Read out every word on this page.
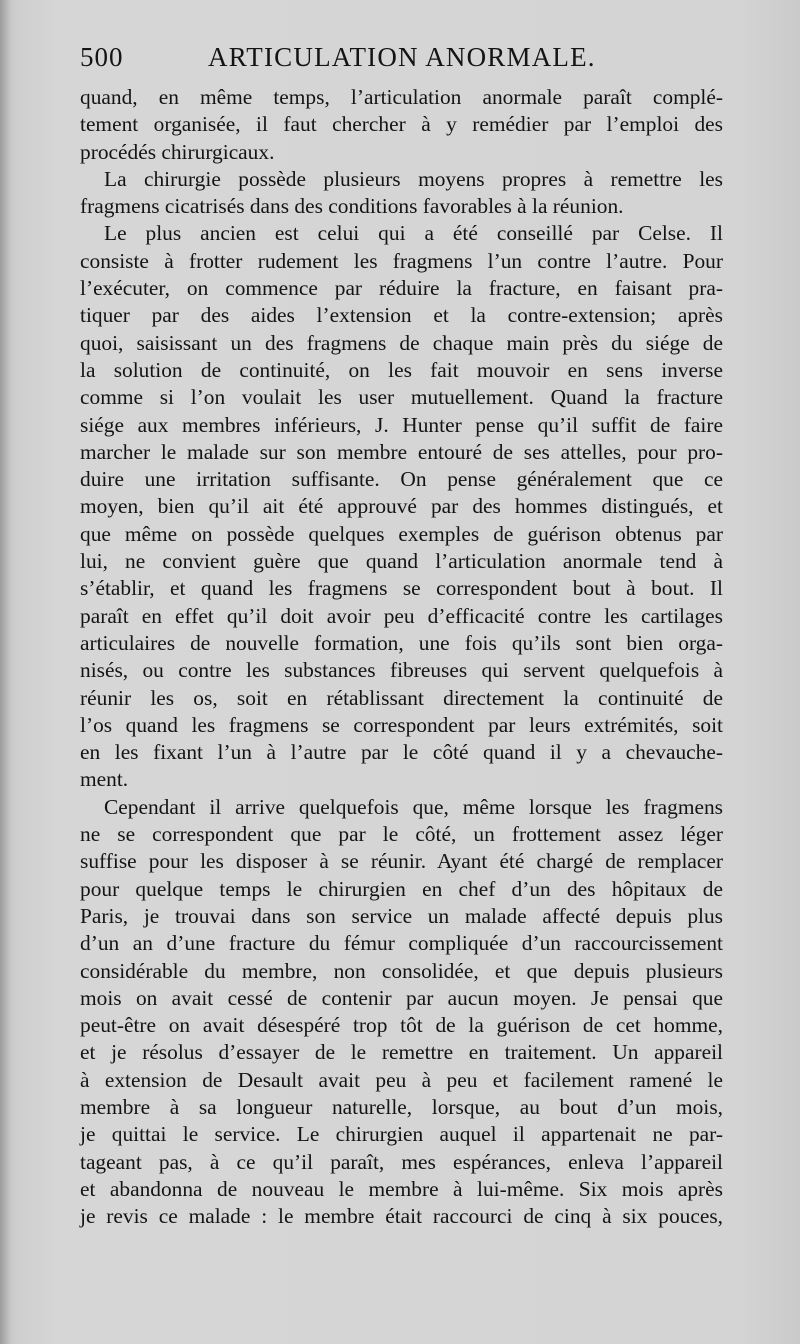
500	ARTICULATION ANORMALE.

quand, en même temps, l’articulation anormale paraît complé-

tement organisée, il faut chercher à y remédier par l’emploi des

procédés chirurgicaux.

La chirurgie possède plusieurs moyens propres à remettre les

fragmens cicatrisés dans des conditions favorables à la réunion.

Le plus ancien est celui qui a été conseillé par Celse. Il

consiste à frotter rudement les fragmens l’un contre l’autre. Pour

l’exécuter, on commence par réduire la fracture, en faisant pra-

tiquer par des aides l’extension et la contre-extension; après

quoi, saisissant un des fragmens de chaque main près du siége de

la solution de continuité, on les fait mouvoir en sens inverse

comme si l’on voulait les user mutuellement. Quand la fracture

siége aux membres inférieurs, J. Hunter pense qu’il suffit de faire

marcher le malade sur son membre entouré de ses attelles, pour pro-

duire une irritation suffisante. On pense généralement que ce

moyen, bien qu’il ait été approuvé par des hommes distingués, et

que même on possède quelques exemples de guérison obtenus par

lui, ne convient guère que quand l’articulation anormale tend à

s’établir, et quand les fragmens se correspondent bout à bout. Il

paraît en effet qu’il doit avoir peu d’efficacité contre les cartilages

articulaires de nouvelle formation, une fois qu’ils sont bien orga-

nisés, ou contre les substances fibreuses qui servent quelquefois à

réunir les os, soit en rétablissant directement la continuité de

l’os quand les fragmens se correspondent par leurs extrémités, soit

en les fixant l’un à l’autre par le côté quand il y a chevauche-

ment.

Cependant il arrive quelquefois que, même lorsque les fragmens

ne se correspondent que par le côté, un frottement assez léger

suffise pour les disposer à se réunir. Ayant été chargé de remplacer

pour quelque temps le chirurgien en chef d’un des hôpitaux de

Paris, je trouvai dans son service un malade affecté depuis plus

d’un an d’une fracture du fémur compliquée d’un raccourcissement

considérable du membre, non consolidée, et que depuis plusieurs

mois on avait cessé de contenir par aucun moyen. Je pensai que

peut-être on avait désespéré trop tôt de la guérison de cet homme,

et je résolus d’essayer de le remettre en traitement. Un appareil

à extension de Desault avait peu à peu et facilement ramené le

membre à sa longueur naturelle, lorsque, au bout d’un mois,

je quittai le service. Le chirurgien auquel il appartenait ne par-

tageant pas, à ce qu’il paraît, mes espérances, enleva l’appareil

et abandonna de nouveau le membre à lui-même. Six mois après

je revis ce malade : le membre était raccourci de cinq à six pouces,
